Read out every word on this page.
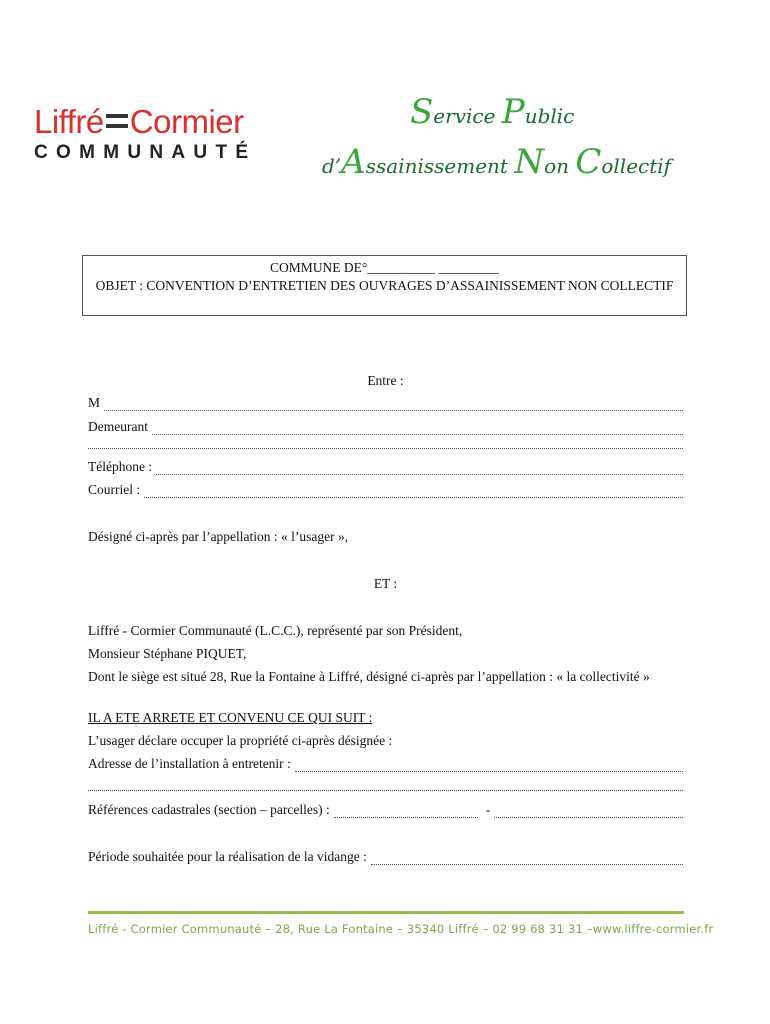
Liffré Cormier
COMMUNAUTÉ
Service Public
d’Assainissement Non Collectif
COMMUNE DE°__________ _________
OBJET : CONVENTION D’ENTRETIEN DES OUVRAGES D’ASSAINISSEMENT NON COLLECTIF
Entre :
M
Demeurant
Téléphone :
Courriel :
Désigné ci-après par l’appellation : « l’usager »,
ET :
Liffré - Cormier Communauté (L.C.C.), représenté par son Président,
Monsieur Stéphane PIQUET,
Dont le siège est situé 28, Rue la Fontaine à Liffré, désigné ci-après par l’appellation : « la collectivité »
IL A ETE ARRETE ET CONVENU CE QUI SUIT :
L’usager déclare occuper la propriété ci-après désignée :
Adresse de l’installation à entretenir :
Références cadastrales (section – parcelles) :	-
Période souhaitée pour la réalisation de la vidange :
Liffré - Cormier Communauté – 28, Rue La Fontaine – 35340 Liffré – 02 99 68 31 31 –www.liffre-cormier.fr
